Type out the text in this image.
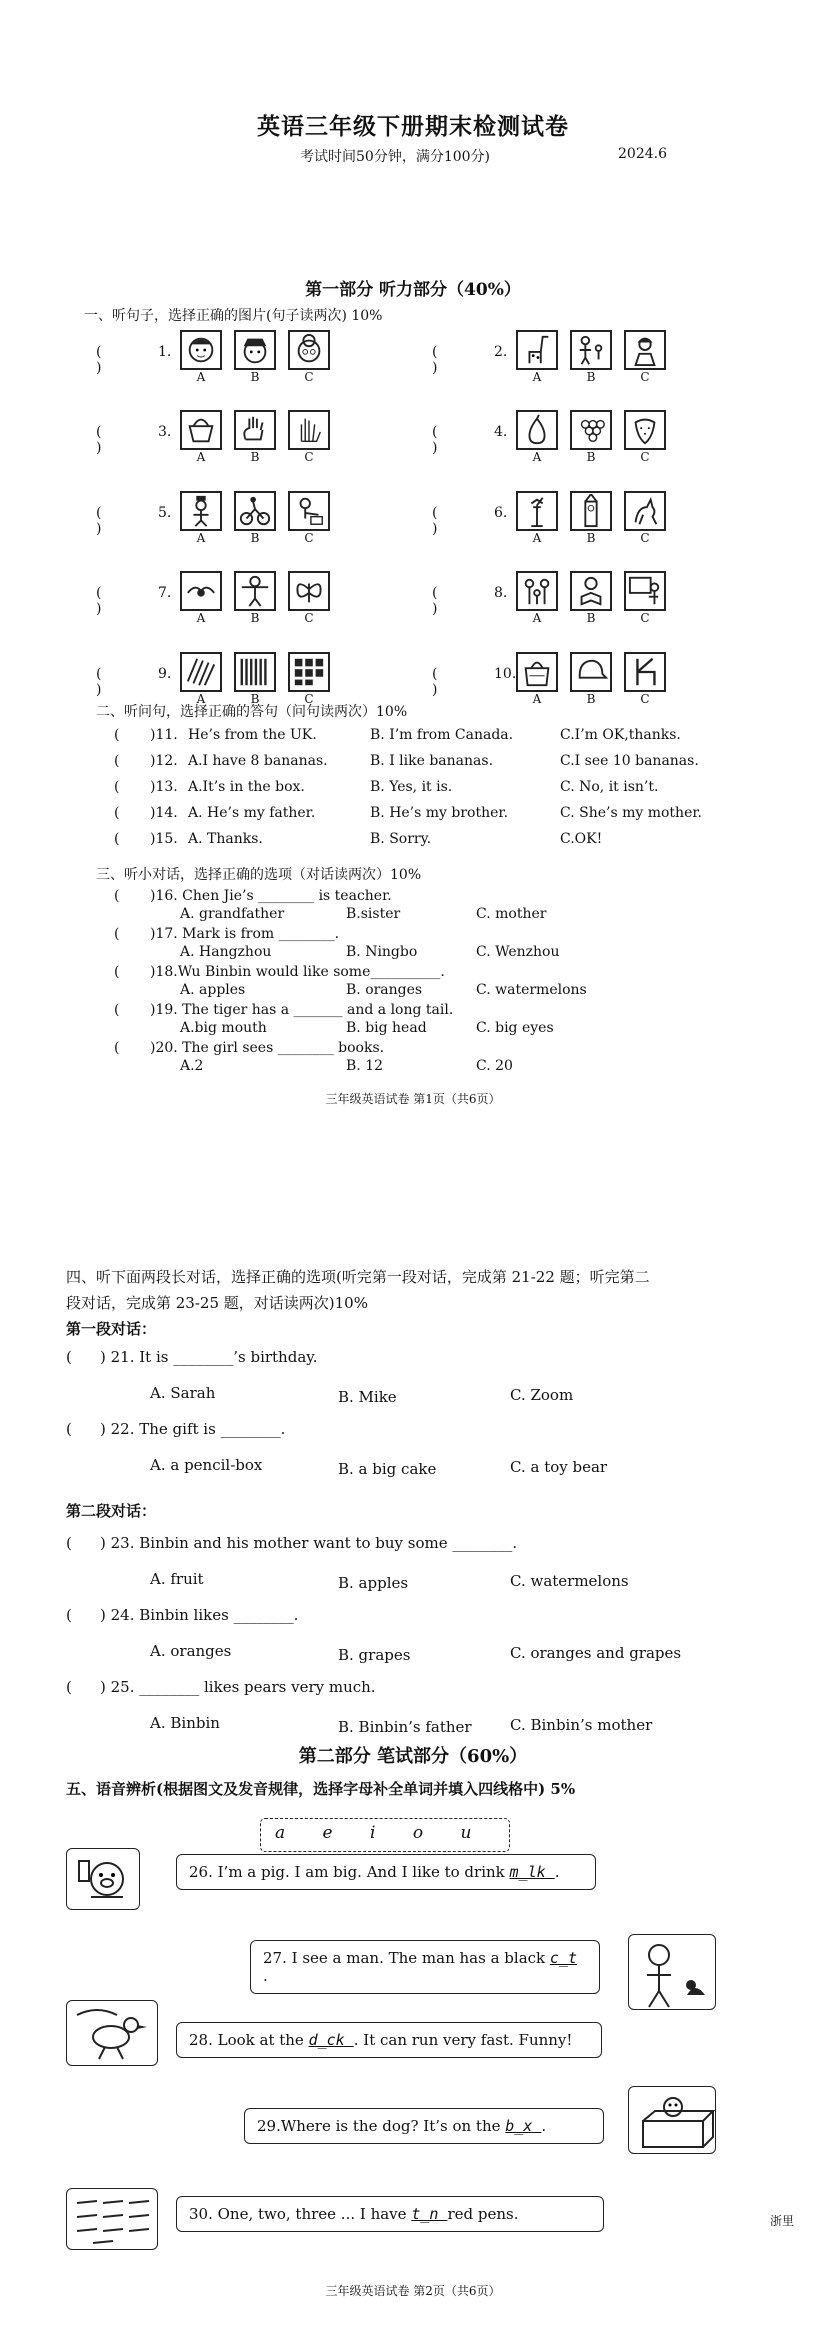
英语三年级下册期末检测试卷
考试时间50分钟，满分100分)	2024.6
第一部分 听力部分（40%）
一、听句子，选择正确的图片(句子读两次) 10%
( )
1.
A	B	C
( )
2.
A	B	C
( )
3.
A	B	C
( )
4.
A	B	C
( )
5.
A	B	C
( )
6.
A	B	C
( )
7.
A	B	C
( )
8.
A	B	C
( )
9.
A	B	C
( )
10.
A	B	C
二、听问句，选择正确的答句（问句读两次）10%
( )11. He’s from the UK.	B. I’m from Canada.	C.I’m OK,thanks.
( )12. A.I have 8 bananas.	B. I like bananas.	C.I see 10 bananas.
( )13. A.It’s in the box.	B. Yes, it is.	C. No, it isn’t.
( )14. A. He’s my father.	B. He’s my brother.	C. She’s my mother.
( )15. A. Thanks.	B. Sorry.	C.OK!
三、听小对话，选择正确的选项（对话读两次）10%
( )16. Chen Jie’s ________ is teacher.
A. grandfather	B.sister	C. mother
( )17. Mark is from ________.
A. Hangzhou	B. Ningbo	C. Wenzhou
( )18.Wu Binbin would like some__________.
A. apples	B. oranges	C. watermelons
( )19. The tiger has a _______ and a long tail.
A.big mouth	B. big head	C. big eyes
( )20. The girl sees ________ books.
A.2	B. 12	C. 20
三年级英语试卷 第1页（共6页）
四、听下面两段长对话，选择正确的选项(听完第一段对话，完成第 21-22 题；听完第二
段对话，完成第 23-25 题，对话读两次)10%
第一段对话：
第二段对话：
( ) 21. It is ________’s birthday.
A. Sarah	B. Mike	C. Zoom
( ) 22. The gift is ________.
A. a pencil-box	B. a big cake	C. a toy bear
( ) 23. Binbin and his mother want to buy some ________.
A. fruit	B. apples	C. watermelons
( ) 24. Binbin likes ________.
A. oranges	B. grapes	C. oranges and grapes
( ) 25. ________ likes pears very much.
A. Binbin	B. Binbin’s father	C. Binbin’s mother
第二部分 笔试部分（60%）
五、语音辨析(根据图文及发音规律，选择字母补全单词并填入四线格中) 5%
a e i o u
26. I’m a pig. I am big. And I like to drink m_lk .
27. I see a man. The man has a black c_t .
28. Look at the d_ck . It can run very fast. Funny!
29.Where is the dog? It’s on the b_x .
30. One, two, three ... I have t_n red pens.
三年级英语试卷 第2页（共6页）
浙里
